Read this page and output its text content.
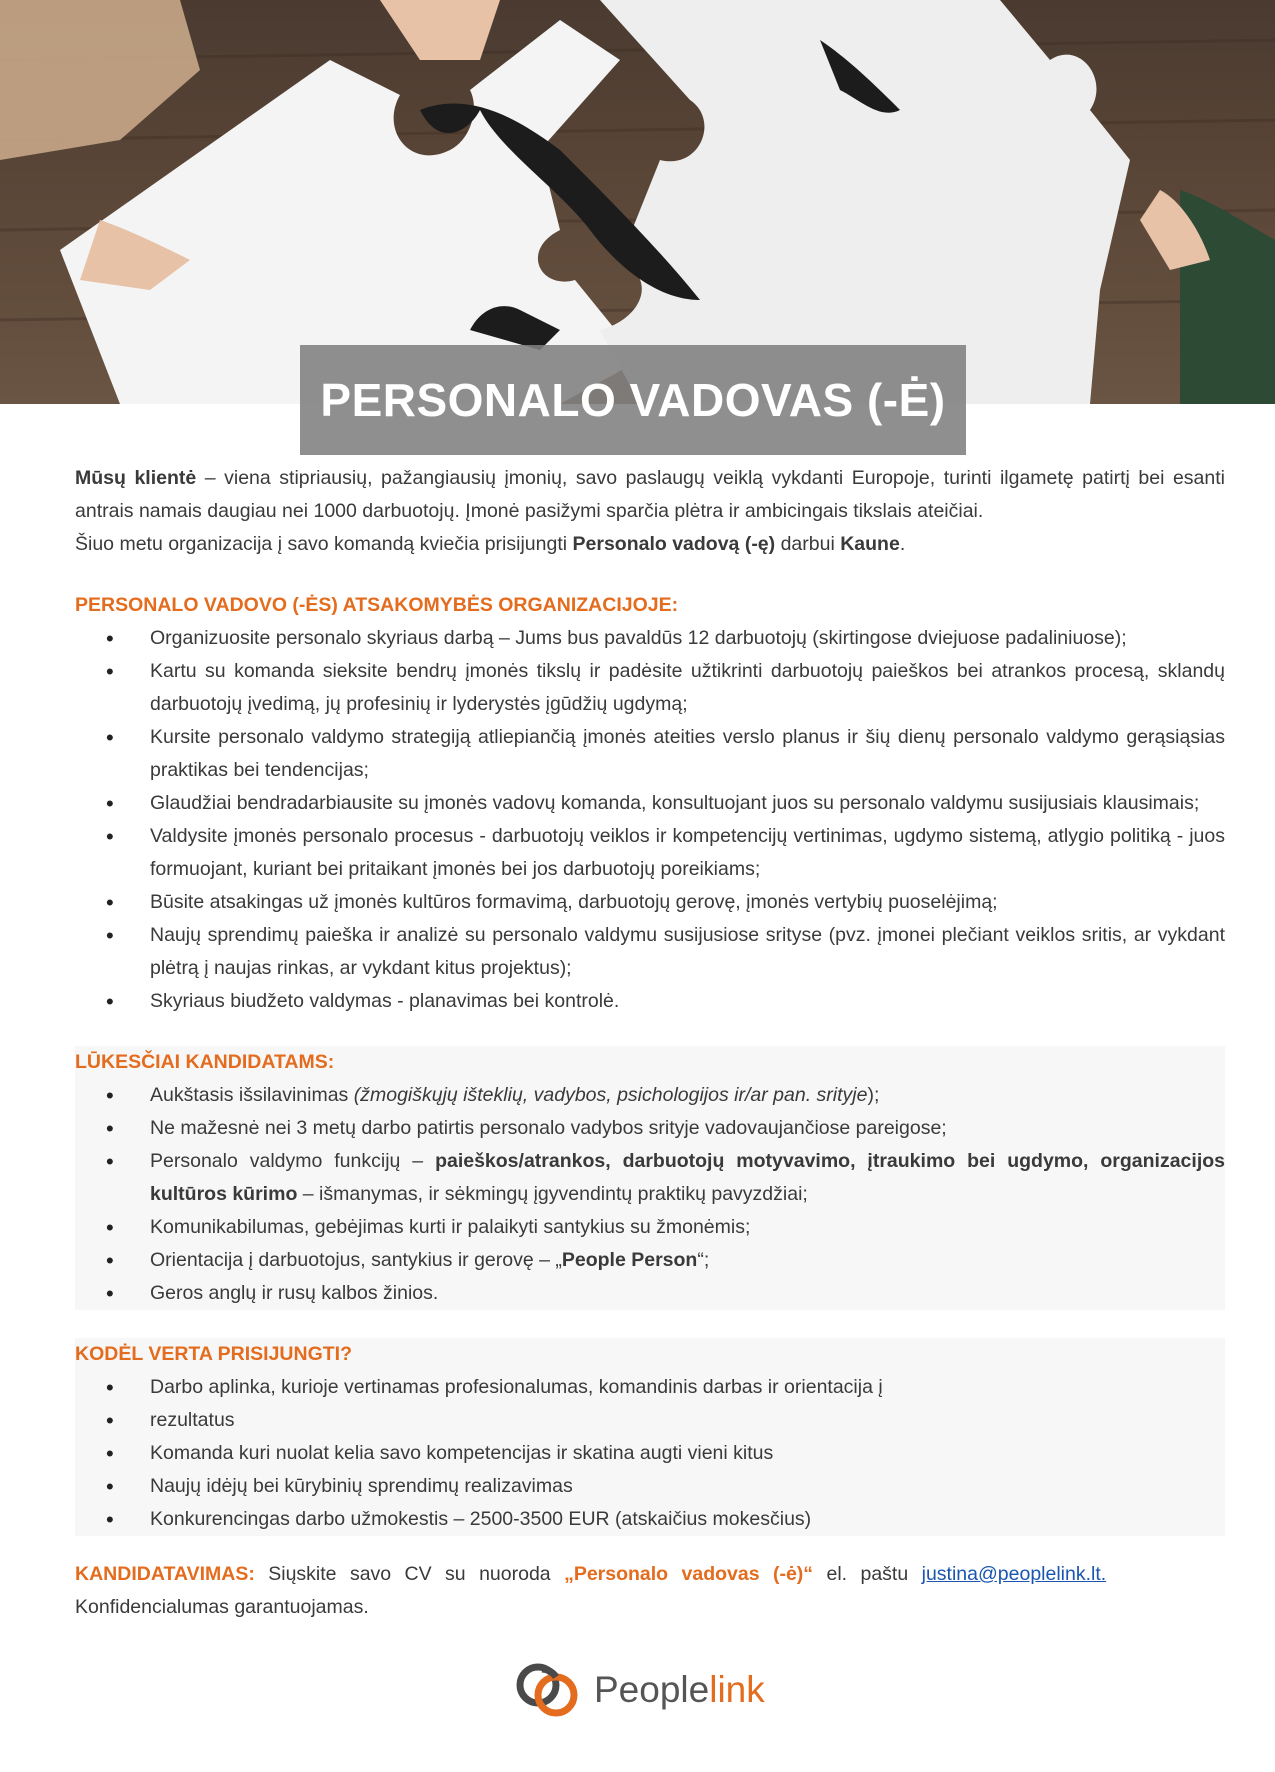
PERSONALO VADOVAS (-Ė)

Mūsų klientė – viena stipriausių, pažangiausių įmonių, savo paslaugų veiklą vykdanti Europoje, turinti ilgametę patirtį bei esanti antrais namais daugiau nei 1000 darbuotojų. Įmonė pasižymi sparčia plėtra ir ambicingais tikslais ateičiai.

Šiuo metu organizacija į savo komandą kviečia prisijungti Personalo vadovą (-ę) darbui Kaune.

PERSONALO VADOVO (-ĖS) ATSAKOMYBĖS ORGANIZACIJOJE:
• Organizuosite personalo skyriaus darbą – Jums bus pavaldūs 12 darbuotojų (skirtingose dviejuose padaliniuose);
• Kartu su komanda sieksite bendrų įmonės tikslų ir padėsite užtikrinti darbuotojų paieškos bei atrankos procesą, sklandų darbuotojų įvedimą, jų profesinių ir lyderystės įgūdžių ugdymą;
• Kursite personalo valdymo strategiją atliepiančią įmonės ateities verslo planus ir šių dienų personalo valdymo gerąsiąsias praktikas bei tendencijas;
• Glaudžiai bendradarbiausite su įmonės vadovų komanda, konsultuojant juos su personalo valdymu susijusiais klausimais;
• Valdysite įmonės personalo procesus - darbuotojų veiklos ir kompetencijų vertinimas, ugdymo sistemą, atlygio politiką - juos formuojant, kuriant bei pritaikant įmonės bei jos darbuotojų poreikiams;
• Būsite atsakingas už įmonės kultūros formavimą, darbuotojų gerovę, įmonės vertybių puoselėjimą;
• Naujų sprendimų paieška ir analizė su personalo valdymu susijusiose srityse (pvz. įmonei plečiant veiklos sritis, ar vykdant plėtrą į naujas rinkas, ar vykdant kitus projektus);
• Skyriaus biudžeto valdymas - planavimas bei kontrolė.
LŪKESČIAI KANDIDATAMS:
• Aukštasis išsilavinimas (žmogiškųjų išteklių, vadybos, psichologijos ir/ar pan. srityje);
• Ne mažesnė nei 3 metų darbo patirtis personalo vadybos srityje vadovaujančiose pareigose;
• Personalo valdymo funkcijų – paieškos/atrankos, darbuotojų motyvavimo, įtraukimo bei ugdymo, organizacijos kultūros kūrimo – išmanymas, ir sėkmingų įgyvendintų praktikų pavyzdžiai;
• Komunikabilumas, gebėjimas kurti ir palaikyti santykius su žmonėmis;
• Orientacija į darbuotojus, santykius ir gerovę – „People Person“;
• Geros anglų ir rusų kalbos žinios.
KODĖL VERTA PRISIJUNGTI?
• Darbo aplinka, kurioje vertinamas profesionalumas, komandinis darbas ir orientacija į
• rezultatus
• Komanda kuri nuolat kelia savo kompetencijas ir skatina augti vieni kitus
• Naujų idėjų bei kūrybinių sprendimų realizavimas
• Konkurencingas darbo užmokestis – 2500-3500 EUR (atskaičius mokesčius)

KANDIDATAVIMAS: Siųskite savo CV su nuoroda „Personalo vadovas (-ė)“ el. paštu justina@peoplelink.lt.

Konfidencialumas garantuojamas.

Peoplelink
